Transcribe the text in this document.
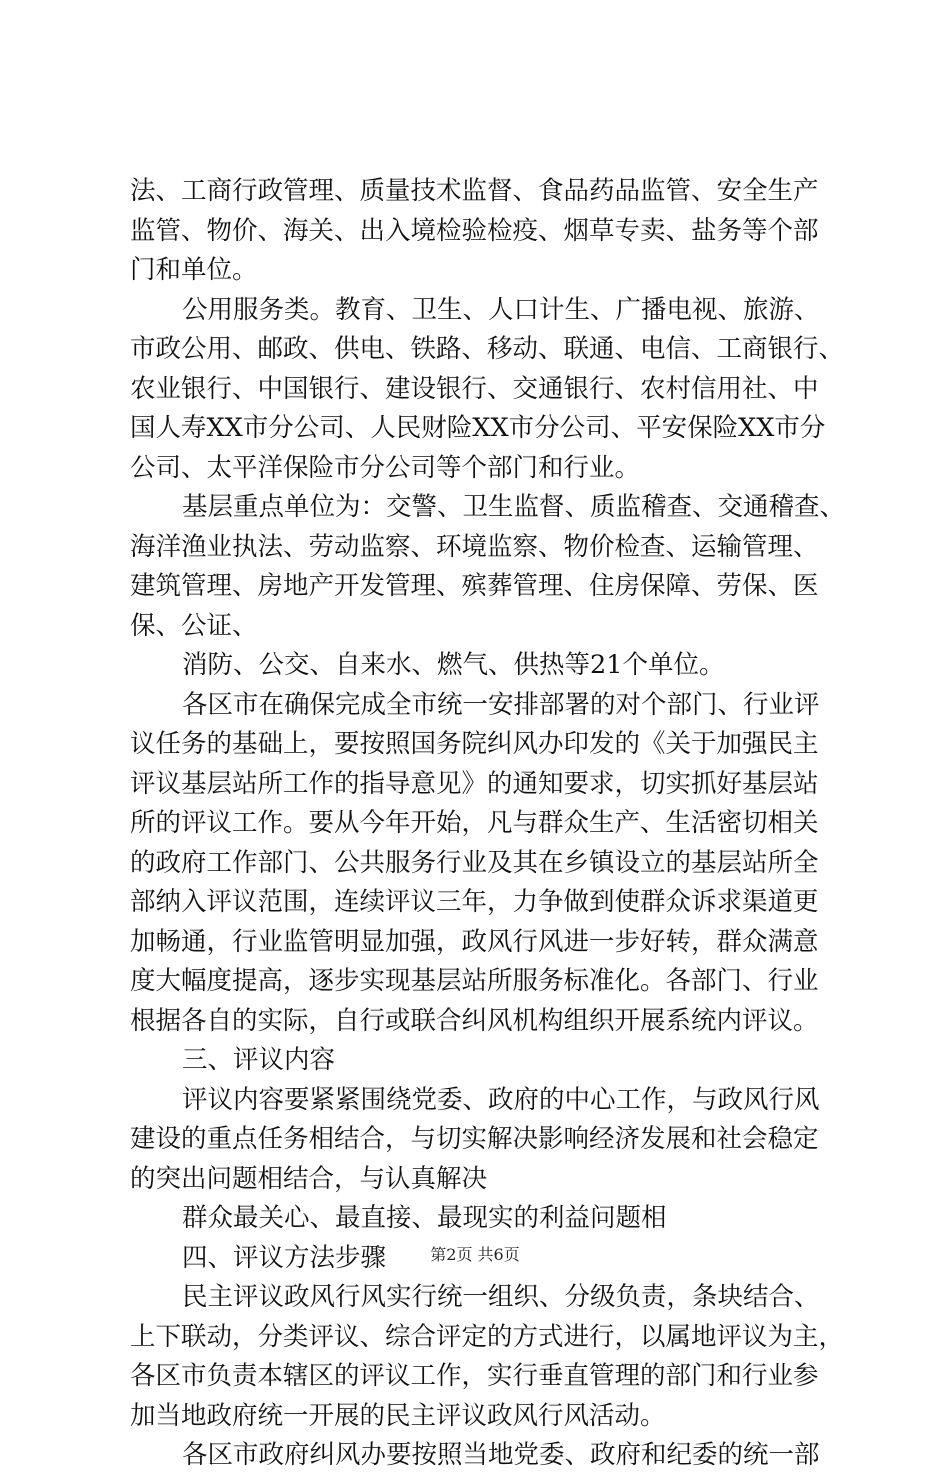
法、工商行政管理、质量技术监督、食品药品监管、安全生产
监管、物价、海关、出入境检验检疫、烟草专卖、盐务等个部
门和单位。
公用服务类。教育、卫生、人口计生、广播电视、旅游、
市政公用、邮政、供电、铁路、移动、联通、电信、工商银行、
农业银行、中国银行、建设银行、交通银行、农村信用社、中
国人寿XX市分公司、人民财险XX市分公司、平安保险XX市分
公司、太平洋保险市分公司等个部门和行业。
基层重点单位为：交警、卫生监督、质监稽查、交通稽查、
海洋渔业执法、劳动监察、环境监察、物价检查、运输管理、
建筑管理、房地产开发管理、殡葬管理、住房保障、劳保、医
保、公证、
消防、公交、自来水、燃气、供热等21个单位。
各区市在确保完成全市统一安排部署的对个部门、行业评
议任务的基础上，要按照国务院纠风办印发的《关于加强民主
评议基层站所工作的指导意见》的通知要求，切实抓好基层站
所的评议工作。要从今年开始，凡与群众生产、生活密切相关
的政府工作部门、公共服务行业及其在乡镇设立的基层站所全
部纳入评议范围，连续评议三年，力争做到使群众诉求渠道更
加畅通，行业监管明显加强，政风行风进一步好转，群众满意
度大幅度提高，逐步实现基层站所服务标准化。各部门、行业
根据各自的实际，自行或联合纠风机构组织开展系统内评议。
三、评议内容
评议内容要紧紧围绕党委、政府的中心工作，与政风行风
建设的重点任务相结合，与切实解决影响经济发展和社会稳定
的突出问题相结合，与认真解决
群众最关心、最直接、最现实的利益问题相
四、评议方法步骤
民主评议政风行风实行统一组织、分级负责，条块结合、
上下联动，分类评议、综合评定的方式进行，以属地评议为主，
各区市负责本辖区的评议工作，实行垂直管理的部门和行业参
加当地政府统一开展的民主评议政风行风活动。
各区市政府纠风办要按照当地党委、政府和纪委的统一部
第2页 共6页
